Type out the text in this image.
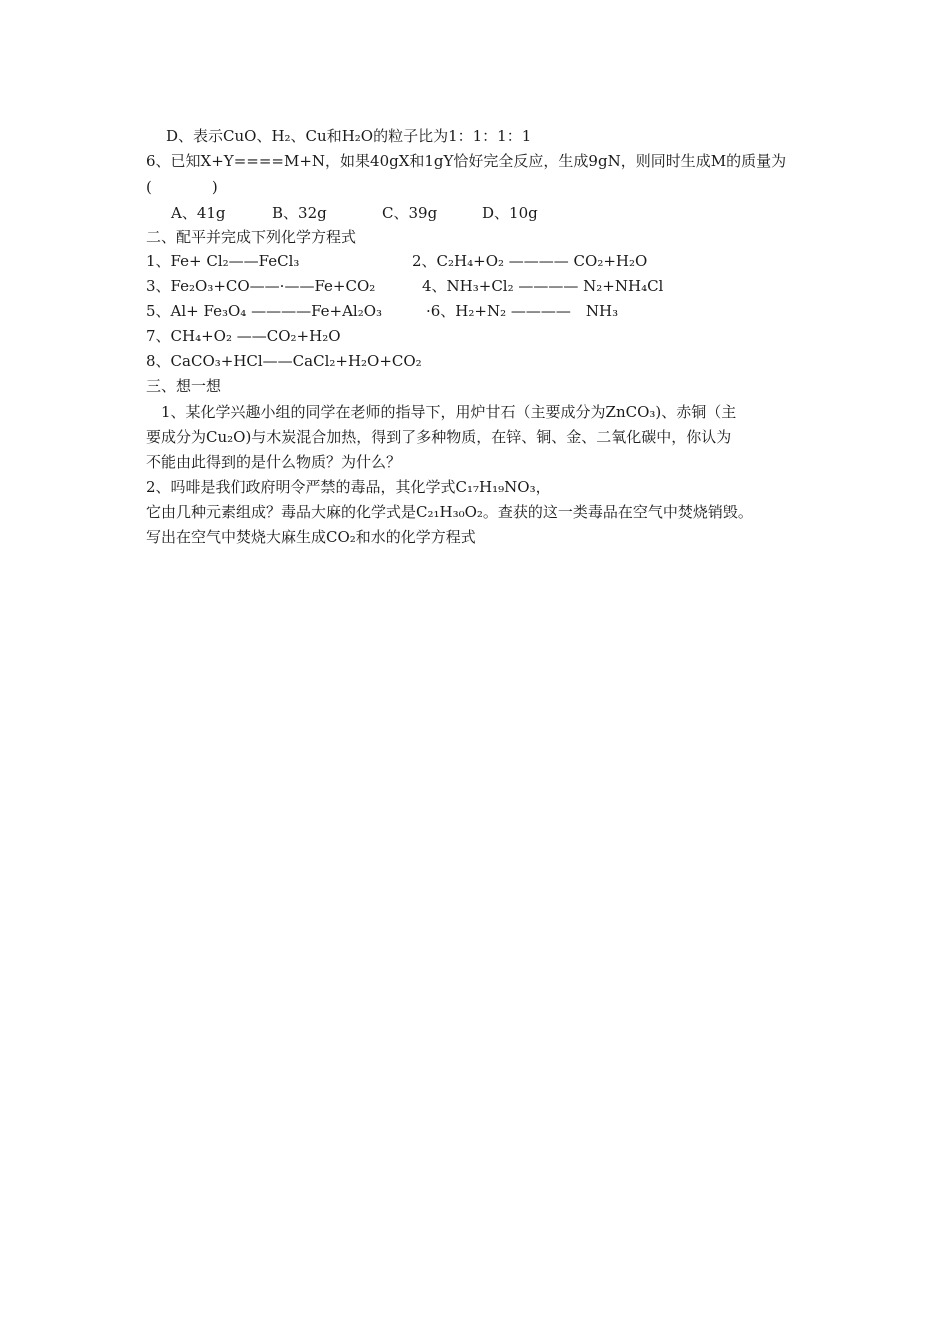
D、表示CuO、H₂、Cu和H₂O的粒子比为1：1：1：1
6、已知X+Y====M+N，如果40gX和1gY恰好完全反应，生成9gN，则同时生成M的质量为
(　　　　)
A、41g	B、32g	C、39g	D、10g
二、配平并完成下列化学方程式
1、Fe+ Cl₂——FeCl₃	2、C₂H₄+O₂ ———— CO₂+H₂O
3、Fe₂O₃+CO——·——Fe+CO₂	4、NH₃+Cl₂ ———— N₂+NH₄Cl
5、Al+ Fe₃O₄ ————Fe+Al₂O₃	·6、H₂+N₂ ————　NH₃
7、CH₄+O₂ ——CO₂+H₂O
8、CaCO₃+HCl——CaCl₂+H₂O+CO₂
三、想一想
1、某化学兴趣小组的同学在老师的指导下，用炉甘石（主要成分为ZnCO₃)、赤铜（主
要成分为Cu₂O)与木炭混合加热，得到了多种物质，在锌、铜、金、二氧化碳中，你认为
不能由此得到的是什么物质？为什么？
2、吗啡是我们政府明令严禁的毒品，其化学式C₁₇H₁₉NO₃，
它由几种元素组成？毒品大麻的化学式是C₂₁H₃₀O₂。查获的这一类毒品在空气中焚烧销毁。
写出在空气中焚烧大麻生成CO₂和水的化学方程式
